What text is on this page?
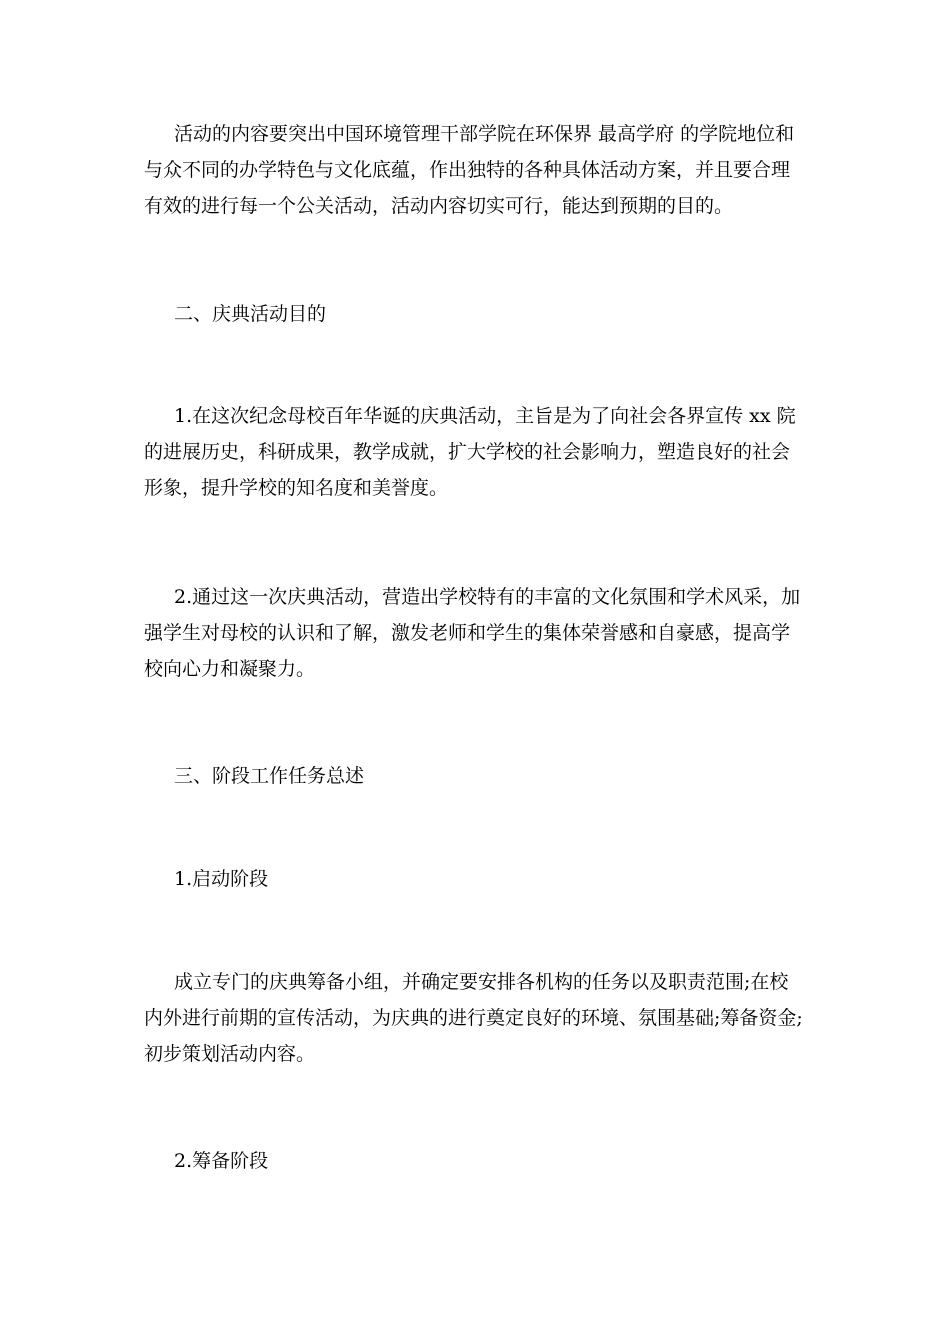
活动的内容要突出中国环境管理干部学院在环保界 最高学府 的学院地位和
与众不同的办学特色与文化底蕴，作出独特的各种具体活动方案，并且要合理
有效的进行每一个公关活动，活动内容切实可行，能达到预期的目的。
二、庆典活动目的
1.在这次纪念母校百年华诞的庆典活动，主旨是为了向社会各界宣传 xx 院
的进展历史，科研成果，教学成就，扩大学校的社会影响力，塑造良好的社会
形象，提升学校的知名度和美誉度。
2.通过这一次庆典活动，营造出学校特有的丰富的文化氛围和学术风采，加
强学生对母校的认识和了解，激发老师和学生的集体荣誉感和自豪感，提高学
校向心力和凝聚力。
三、阶段工作任务总述
1.启动阶段
成立专门的庆典筹备小组，并确定要安排各机构的任务以及职责范围;在校
内外进行前期的宣传活动，为庆典的进行奠定良好的环境、氛围基础;筹备资金;
初步策划活动内容。
2.筹备阶段
